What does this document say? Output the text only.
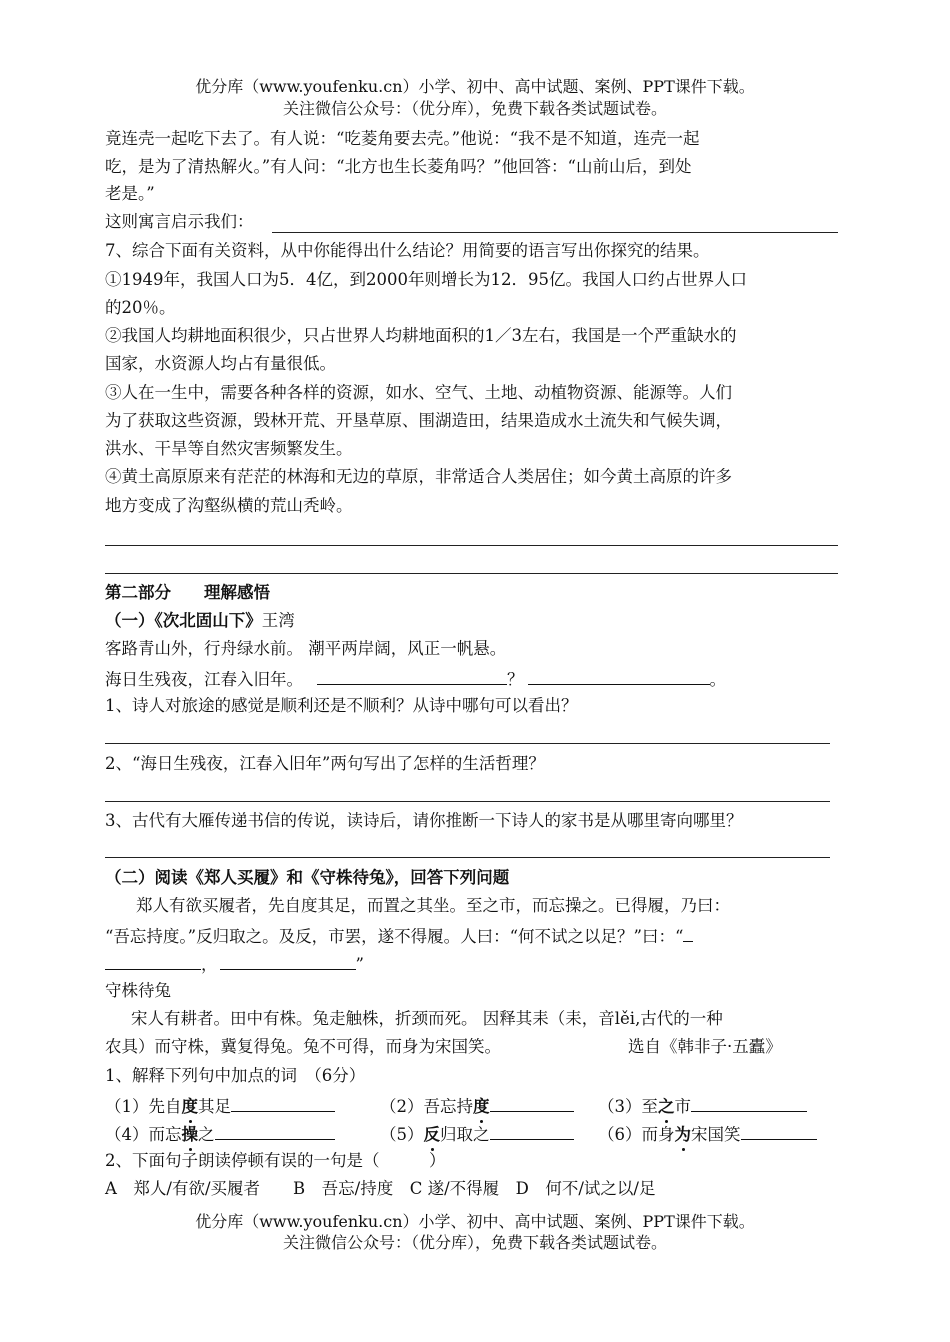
优分库（www.youfenku.cn）小学、初中、高中试题、案例、PPT课件下载。
关注微信公众号：（优分库），免费下载各类试题试卷。
竟连壳一起吃下去了。有人说：“吃菱角要去壳。”他说：“我不是不知道，连壳一起
吃，是为了清热解火。”有人问：“北方也生长菱角吗？”他回答：“山前山后，到处
老是。”
这则寓言启示我们：
7、综合下面有关资料，从中你能得出什么结论？用简要的语言写出你探究的结果。
①1949年，我国人口为5．4亿，到2000年则增长为12．95亿。我国人口约占世界人口
的20％。
②我国人均耕地面积很少，只占世界人均耕地面积的1／3左右，我国是一个严重缺水的
国家，水资源人均占有量很低。
③人在一生中，需要各种各样的资源，如水、空气、土地、动植物资源、能源等。人们
为了获取这些资源，毁林开荒、开垦草原、围湖造田，结果造成水土流失和气候失调，
洪水、干旱等自然灾害频繁发生。
④黄土高原原来有茫茫的林海和无边的草原，非常适合人类居住；如今黄土高原的许多
地方变成了沟壑纵横的荒山秃岭。
第二部分　　理解感悟
（一）《次北固山下》王湾
客路青山外，行舟绿水前。 潮平两岸阔，风正一帆悬。
海日生残夜，江春入旧年。	？	。
1、诗人对旅途的感觉是顺利还是不顺利？从诗中哪句可以看出？
2、“海日生残夜，江春入旧年”两句写出了怎样的生活哲理？
3、古代有大雁传递书信的传说，读诗后，请你推断一下诗人的家书是从哪里寄向哪里？
（二）阅读《郑人买履》和《守株待兔》，回答下列问题
郑人有欲买履者，先自度其足，而置之其坐。至之市，而忘操之。已得履，乃曰：
“吾忘持度。”反归取之。及反，市罢，遂不得履。人曰：“何不试之以足？”曰：“
，	”
守株待兔
宋人有耕者。田中有株。兔走触株，折颈而死。 因释其耒（耒，音lěi,古代的一种
农具）而守株，冀复得兔。兔不可得，而身为宋国笑。	选自《韩非子·五蠹》
1、解释下列句中加点的词　（6分）
（1）先自度其足	（2）吾忘持度	（3）至之市
（4）而忘操之	（5）反归取之	（6）而身为宋国笑
2、下面句子朗读停顿有误的一句是（　　　）
A　郑人/有欲/买履者　　B　吾忘/持度　C 遂/不得履　D　何不/试之以/足
优分库（www.youfenku.cn）小学、初中、高中试题、案例、PPT课件下载。
关注微信公众号：（优分库），免费下载各类试题试卷。
